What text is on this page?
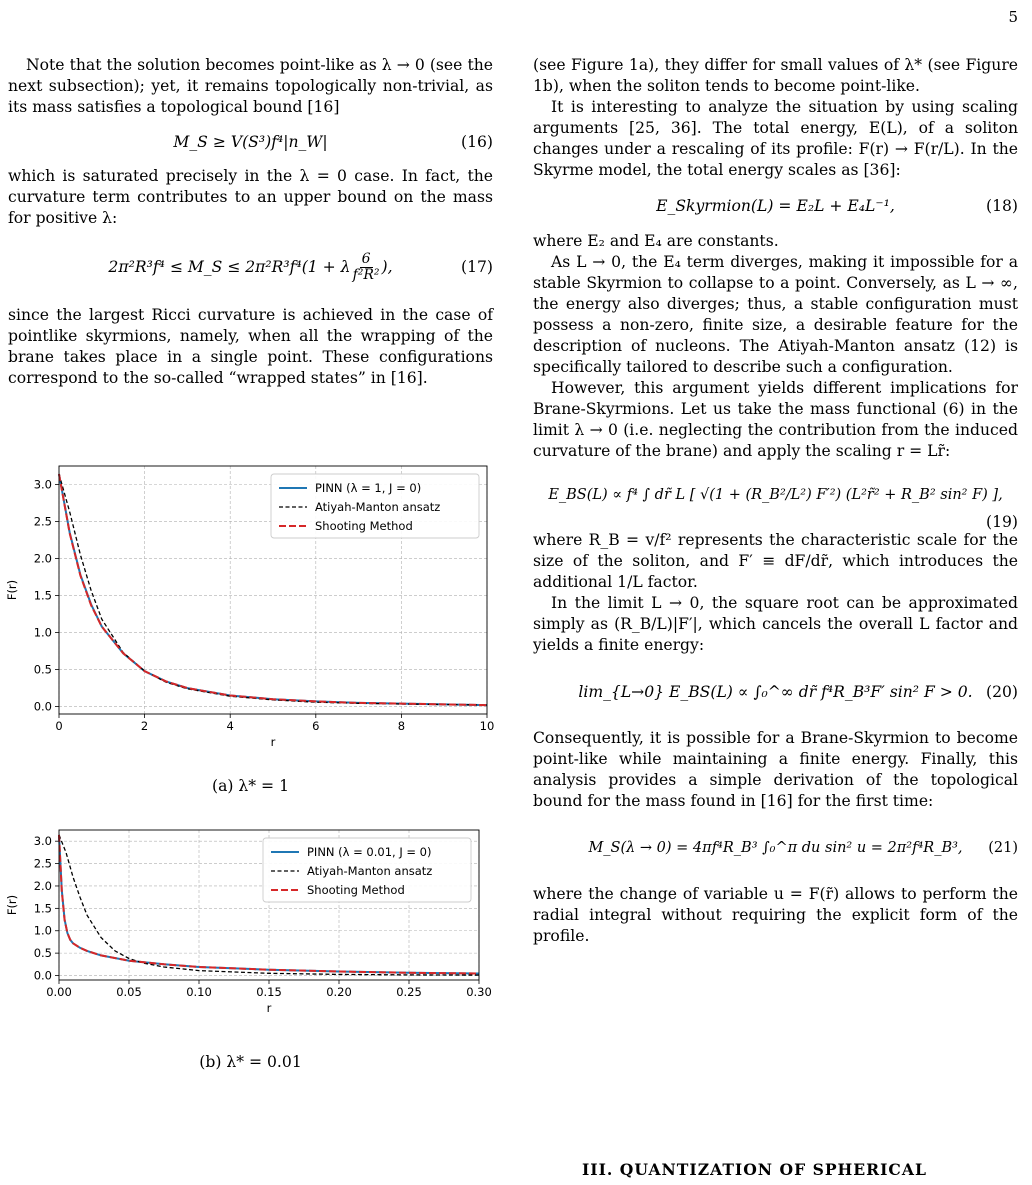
5

Note that the solution becomes point-like as λ → 0 (see the next subsection); yet, it remains topologically non-trivial, as its mass satisfies a topological bound [16]

M_S ≥ V(S³)f⁴|n_W|	(16)

which is saturated precisely in the λ = 0 case. In fact, the curvature term contributes to an upper bound on the mass for positive λ:

2π²R³f⁴ ≤ M_S ≤ 2π²R³f⁴(1 + λ $\frac{6}{\text{f²R²}}$ ),	(17)

since the largest Ricci curvature is achieved in the case of pointlike skyrmions, namely, when all the wrapping of the brane takes place in a single point. These configurations correspond to the so-called “wrapped states” in [16].

0	2	4	6	8	10
0.0
0.5
1.0
1.5
2.0
2.5
3.0
r
F(r)
PINN (λ = 1, J = 0)
Atiyah-Manton ansatz
Shooting Method
(a) λ* = 1
0.00	0.05	0.10	0.15	0.20	0.25	0.30
0.0
0.5
1.0
1.5
2.0
2.5
3.0
r
F(r)
PINN (λ = 0.01, J = 0)
Atiyah-Manton ansatz
Shooting Method
(b) λ* = 0.01

(see Figure 1a), they differ for small values of λ* (see Figure 1b), when the soliton tends to become point-like.

It is interesting to analyze the situation by using scaling arguments [25, 36]. The total energy, E(L), of a soliton changes under a rescaling of its profile: F(r) → F(r/L). In the Skyrme model, the total energy scales as [36]:

E_Skyrmion(L) = E₂L + E₄L⁻¹,	(18)

where E₂ and E₄ are constants.

As L → 0, the E₄ term diverges, making it impossible for a stable Skyrmion to collapse to a point. Conversely, as L → ∞, the energy also diverges; thus, a stable configuration must possess a non-zero, finite size, a desirable feature for the description of nucleons. The Atiyah-Manton ansatz (12) is specifically tailored to describe such a configuration.

However, this argument yields different implications for Brane-Skyrmions. Let us take the mass functional (6) in the limit λ → 0 (i.e. neglecting the contribution from the induced curvature of the brane) and apply the scaling r = Lr̃:

E_BS(L) ∝ f⁴ ∫ dr̃ L [ √(1 + (R_B²/L²) F′²) (L²r̃² + R_B² sin² F) ],
(19)

where R_B = v/f² represents the characteristic scale for the size of the soliton, and F′ ≡ dF/dr̃, which introduces the additional 1/L factor.

In the limit L → 0, the square root can be approximated simply as (R_B/L)|F′|, which cancels the overall L factor and yields a finite energy:

lim_{L→0} E_BS(L) ∝ ∫₀^∞ dr̃ f⁴R_B³F′ sin² F > 0. (20)

Consequently, it is possible for a Brane-Skyrmion to become point-like while maintaining a finite energy. Finally, this analysis provides a simple derivation of the topological bound for the mass found in [16] for the first time:

M_S(λ → 0) = 4πf⁴R_B³ ∫₀^π du sin² u = 2π²f⁴R_B³, (21)

where the change of variable u = F(r̃) allows to perform the radial integral without requiring the explicit form of the profile.

III. QUANTIZATION OF SPHERICAL
